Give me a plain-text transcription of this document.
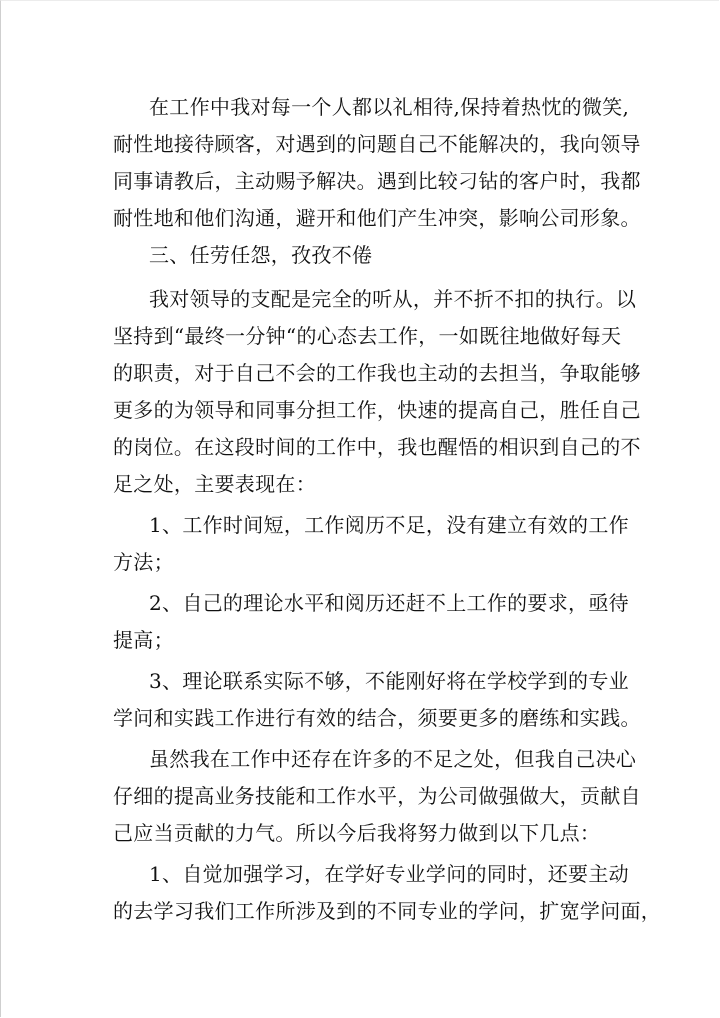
在工作中我对每一个人都以礼相待,保持着热忱的微笑,
耐性地接待顾客，对遇到的问题自己不能解决的，我向领导
同事请教后，主动赐予解决。遇到比较刁钻的客户时，我都
耐性地和他们沟通，避开和他们产生冲突，影响公司形象。
三、任劳任怨，孜孜不倦
我对领导的支配是完全的听从，并不折不扣的执行。以
坚持到“最终一分钟“的心态去工作，一如既往地做好每天
的职责，对于自己不会的工作我也主动的去担当，争取能够
更多的为领导和同事分担工作，快速的提高自己，胜任自己
的岗位。在这段时间的工作中，我也醒悟的相识到自己的不
足之处，主要表现在：
1、工作时间短，工作阅历不足，没有建立有效的工作
方法；
2、自己的理论水平和阅历还赶不上工作的要求，亟待
提高；
3、理论联系实际不够，不能刚好将在学校学到的专业
学问和实践工作进行有效的结合，须要更多的磨练和实践。
虽然我在工作中还存在许多的不足之处，但我自己决心
仔细的提高业务技能和工作水平，为公司做强做大，贡献自
己应当贡献的力气。所以今后我将努力做到以下几点：
1、自觉加强学习，在学好专业学问的同时，还要主动
的去学习我们工作所涉及到的不同专业的学问，扩宽学问面，
